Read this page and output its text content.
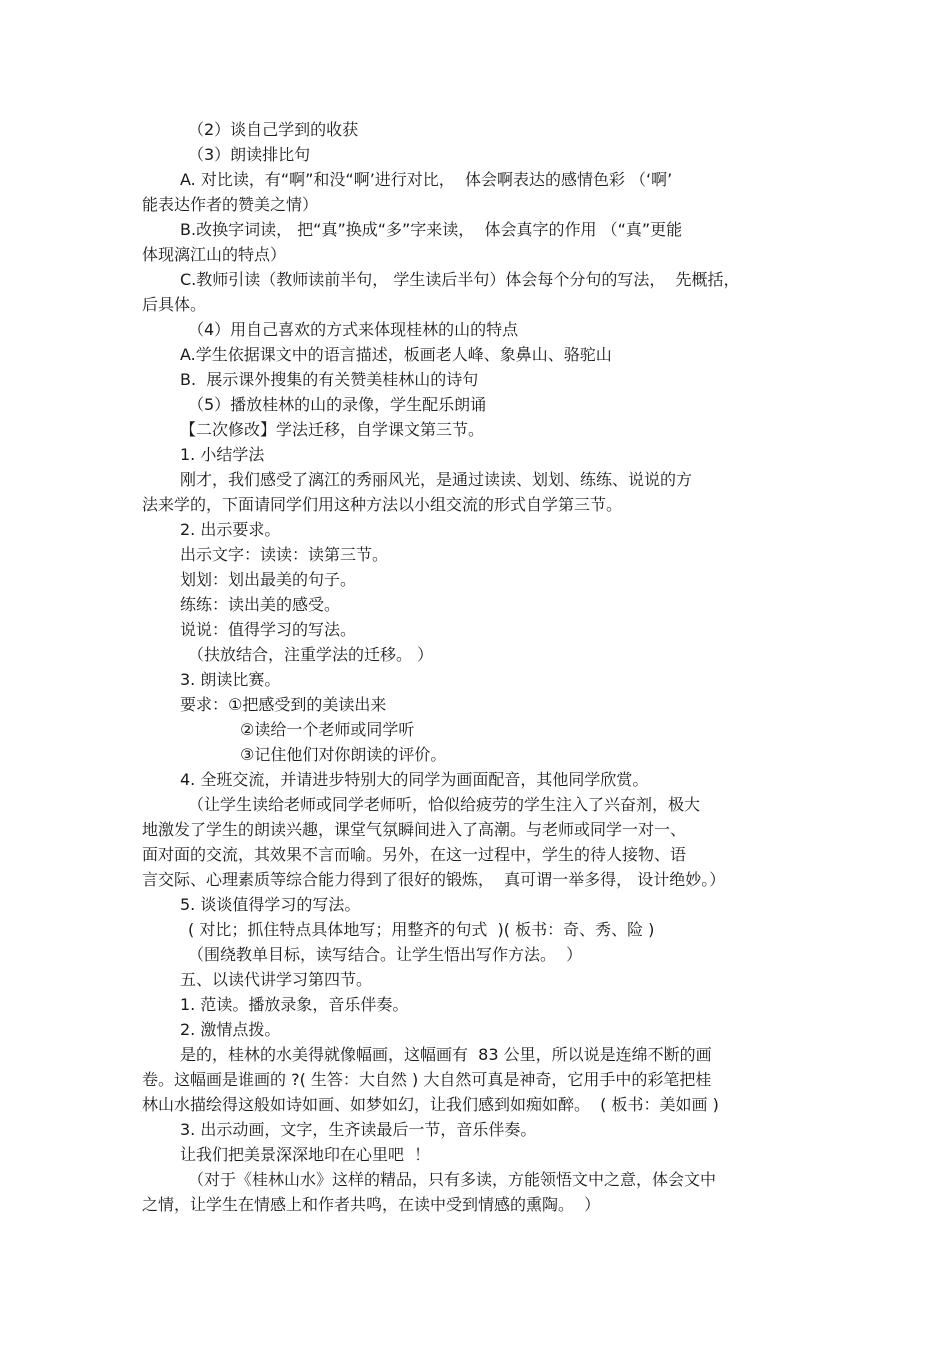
（2）谈自己学到的收获
（3）朗读排比句
A. 对比读，有“啊”和没“啊’进行对比，  体会啊表达的感情色彩 （‘啊’
能表达作者的赞美之情）
B.改换字词读， 把“真”换成“多”字来读，  体会真字的作用 （“真”更能
体现漓江山的特点）
C.教师引读（教师读前半句， 学生读后半句）体会每个分句的写法，  先概括，
后具体。
（4）用自己喜欢的方式来体现桂林的山的特点
A.学生依据课文中的语言描述，板画老人峰、象鼻山、骆驼山
B.  展示课外搜集的有关赞美桂林山的诗句
（5）播放桂林的山的录像，学生配乐朗诵
【二次修改】学法迁移，自学课文第三节。
1. 小结学法
刚才，我们感受了漓江的秀丽风光，是通过读读、划划、练练、说说的方
法来学的，下面请同学们用这种方法以小组交流的形式自学第三节。
2. 出示要求。
出示文字：读读：读第三节。
划划：划出最美的句子。
练练：读出美的感受。
说说：值得学习的写法。
（扶放结合，注重学法的迁移。 ）
3. 朗读比赛。
要求：①把感受到的美读出来
②读给一个老师或同学听
③记住他们对你朗读的评价。
4. 全班交流，并请进步特别大的同学为画面配音，其他同学欣赏。
（让学生读给老师或同学老师听，恰似给疲劳的学生注入了兴奋剂，极大
地激发了学生的朗读兴趣，课堂气氛瞬间进入了高潮。与老师或同学一对一、
面对面的交流，其效果不言而喻。另外，在这一过程中，学生的待人接物、语
言交际、心理素质等综合能力得到了很好的锻炼，  真可谓一举多得， 设计绝妙。）
5. 谈谈值得学习的写法。
( 对比；抓住特点具体地写；用整齐的句式  )( 板书：奇、秀、险 )
（围绕教单目标，读写结合。让学生悟出写作方法。  ）
五、以读代讲学习第四节。
1. 范读。播放录象，音乐伴奏。
2. 激情点拨。
是的，桂林的水美得就像幅画，这幅画有  83 公里，所以说是连绵不断的画
卷。这幅画是谁画的 ?( 生答：大自然 ) 大自然可真是神奇，它用手中的彩笔把桂
林山水描绘得这般如诗如画、如梦如幻，让我们感到如痴如醉。  ( 板书：美如画 )
3. 出示动画，文字，生齐读最后一节，音乐伴奏。
让我们把美景深深地印在心里吧  ！
（对于《桂林山水》这样的精品，只有多读，方能领悟文中之意，体会文中
之情，让学生在情感上和作者共鸣，在读中受到情感的熏陶。  ）
